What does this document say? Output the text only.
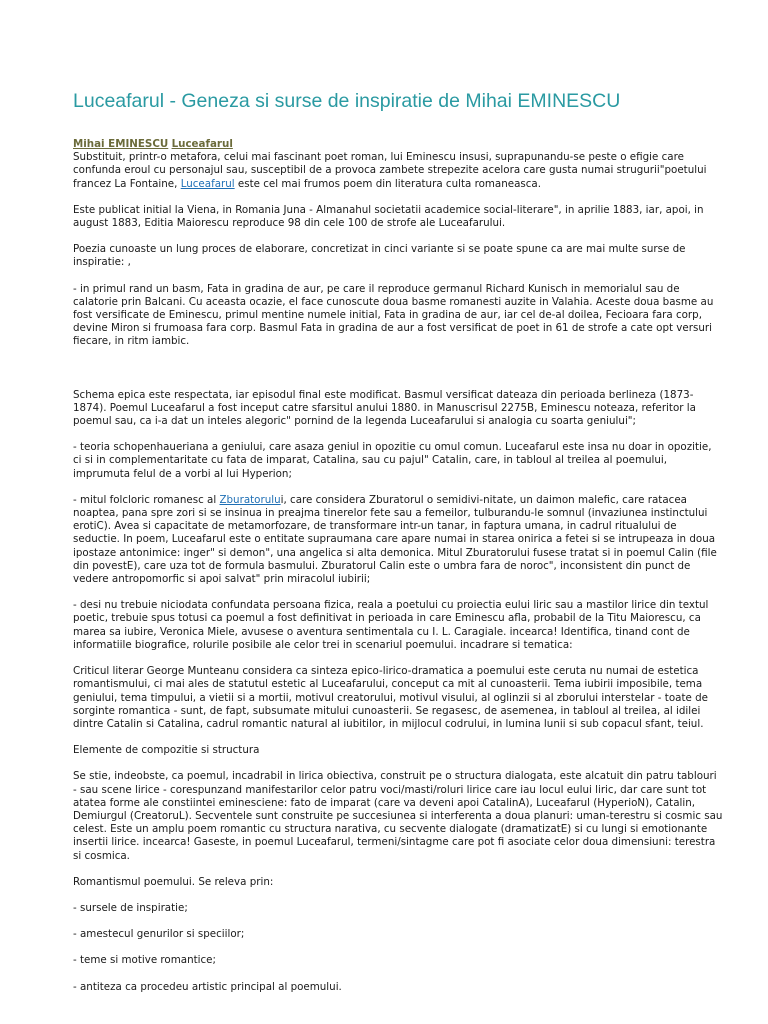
Luceafarul - Geneza si surse de inspiratie de Mihai EMINESCU
Mihai EMINESCU Luceafarul

Substituit, printr-o metafora, celui mai fascinant poet roman, lui Eminescu insusi, suprapunandu-se peste o efigie care confunda eroul cu personajul sau, susceptibil de a provoca zambete strepezite acelora care gusta numai strugurii"poetului francez La Fontaine, Luceafarul este cel mai frumos poem din literatura culta romaneasca.

Este publicat initial la Viena, in Romania Juna - Almanahul societatii academice social-literare", in aprilie 1883, iar, apoi, in august 1883, Editia Maiorescu reproduce 98 din cele 100 de strofe ale Luceafarului.

Poezia cunoaste un lung proces de elaborare, concretizat in cinci variante si se poate spune ca are mai multe surse de inspiratie: ,

- in primul rand un basm, Fata in gradina de aur, pe care il reproduce germanul Richard Kunisch in memorialul sau de calatorie prin Balcani. Cu aceasta ocazie, el face cunoscute doua basme romanesti auzite in Valahia. Aceste doua basme au fost versificate de Eminescu, primul mentine numele initial, Fata in gradina de aur, iar cel de-al doilea, Fecioara fara corp, devine Miron si frumoasa fara corp. Basmul Fata in gradina de aur a fost versificat de poet in 61 de strofe a cate opt versuri fiecare, in ritm iambic.

Schema epica este respectata, iar episodul final este modificat. Basmul versificat dateaza din perioada berlineza (1873-1874). Poemul Luceafarul a fost inceput catre sfarsitul anului 1880. in Manuscrisul 2275B, Eminescu noteaza, referitor la poemul sau, ca i-a dat un inteles alegoric" pornind de la legenda Luceafarului si analogia cu soarta geniului";

- teoria schopenhaueriana a geniului, care asaza geniul in opozitie cu omul comun. Luceafarul este insa nu doar in opozitie, ci si in complementaritate cu fata de imparat, Catalina, sau cu pajul" Catalin, care, in tabloul al treilea al poemului, imprumuta felul de a vorbi al lui Hyperion;

- mitul folcloric romanesc al Zburatorului, care considera Zburatorul o semidivi-nitate, un daimon malefic, care ratacea noaptea, pana spre zori si se insinua in preajma tinerelor fete sau a femeilor, tulburandu-le somnul (invaziunea instinctului erotiC). Avea si capacitate de metamorfozare, de transformare intr-un tanar, in faptura umana, in cadrul ritualului de seductie. In poem, Luceafarul este o entitate supraumana care apare numai in starea onirica a fetei si se intrupeaza in doua ipostaze antonimice: inger" si demon", una angelica si alta demonica. Mitul Zburatorului fusese tratat si in poemul Calin (file din povestE), care uza tot de formula basmului. Zburatorul Calin este o umbra fara de noroc", inconsistent din punct de vedere antropomorfic si apoi salvat" prin miracolul iubirii;

- desi nu trebuie niciodata confundata persoana fizica, reala a poetului cu proiectia eului liric sau a mastilor lirice din textul poetic, trebuie spus totusi ca poemul a fost definitivat in perioada in care Eminescu afla, probabil de la Titu Maiorescu, ca marea sa iubire, Veronica Miele, avusese o aventura sentimentala cu I. L. Caragiale. incearca! Identifica, tinand cont de informatiile biografice, rolurile posibile ale celor trei in scenariul poemului. incadrare si tematica:

Criticul literar George Munteanu considera ca sinteza epico-lirico-dramatica a poemului este ceruta nu numai de estetica romantismului, ci mai ales de statutul estetic al Luceafarului, conceput ca mit al cunoasterii. Tema iubirii imposibile, tema geniului, tema timpului, a vietii si a mortii, motivul creatorului, motivul visului, al oglinzii si al zborului interstelar - toate de sorginte romantica - sunt, de fapt, subsumate mitului cunoasterii. Se regasesc, de asemenea, in tabloul al treilea, al idilei dintre Catalin si Catalina, cadrul romantic natural al iubitilor, in mijlocul codrului, in lumina lunii si sub copacul sfant, teiul.

Elemente de compozitie si structura

Se stie, indeobste, ca poemul, incadrabil in lirica obiectiva, construit pe o structura dialogata, este alcatuit din patru tablouri - sau scene lirice - corespunzand manifestarilor celor patru voci/masti/roluri lirice care iau locul eului liric, dar care sunt tot atatea forme ale constiintei eminesciene: fato de imparat (care va deveni apoi CatalinA), Luceafarul (HyperioN), Catalin, Demiurgul (CreatoruL). Secventele sunt construite pe succesiunea si interferenta a doua planuri: uman-terestru si cosmic sau celest. Este un amplu poem romantic cu structura narativa, cu secvente dialogate (dramatizatE) si cu lungi si emotionante insertii lirice. incearca! Gaseste, in poemul Luceafarul, termeni/sintagme care pot fi asociate celor doua dimensiuni: terestra si cosmica.

Romantismul poemului. Se releva prin:

- sursele de inspiratie;

- amestecul genurilor si speciilor;

- teme si motive romantice;

- antiteza ca procedeu artistic principal al poemului.
